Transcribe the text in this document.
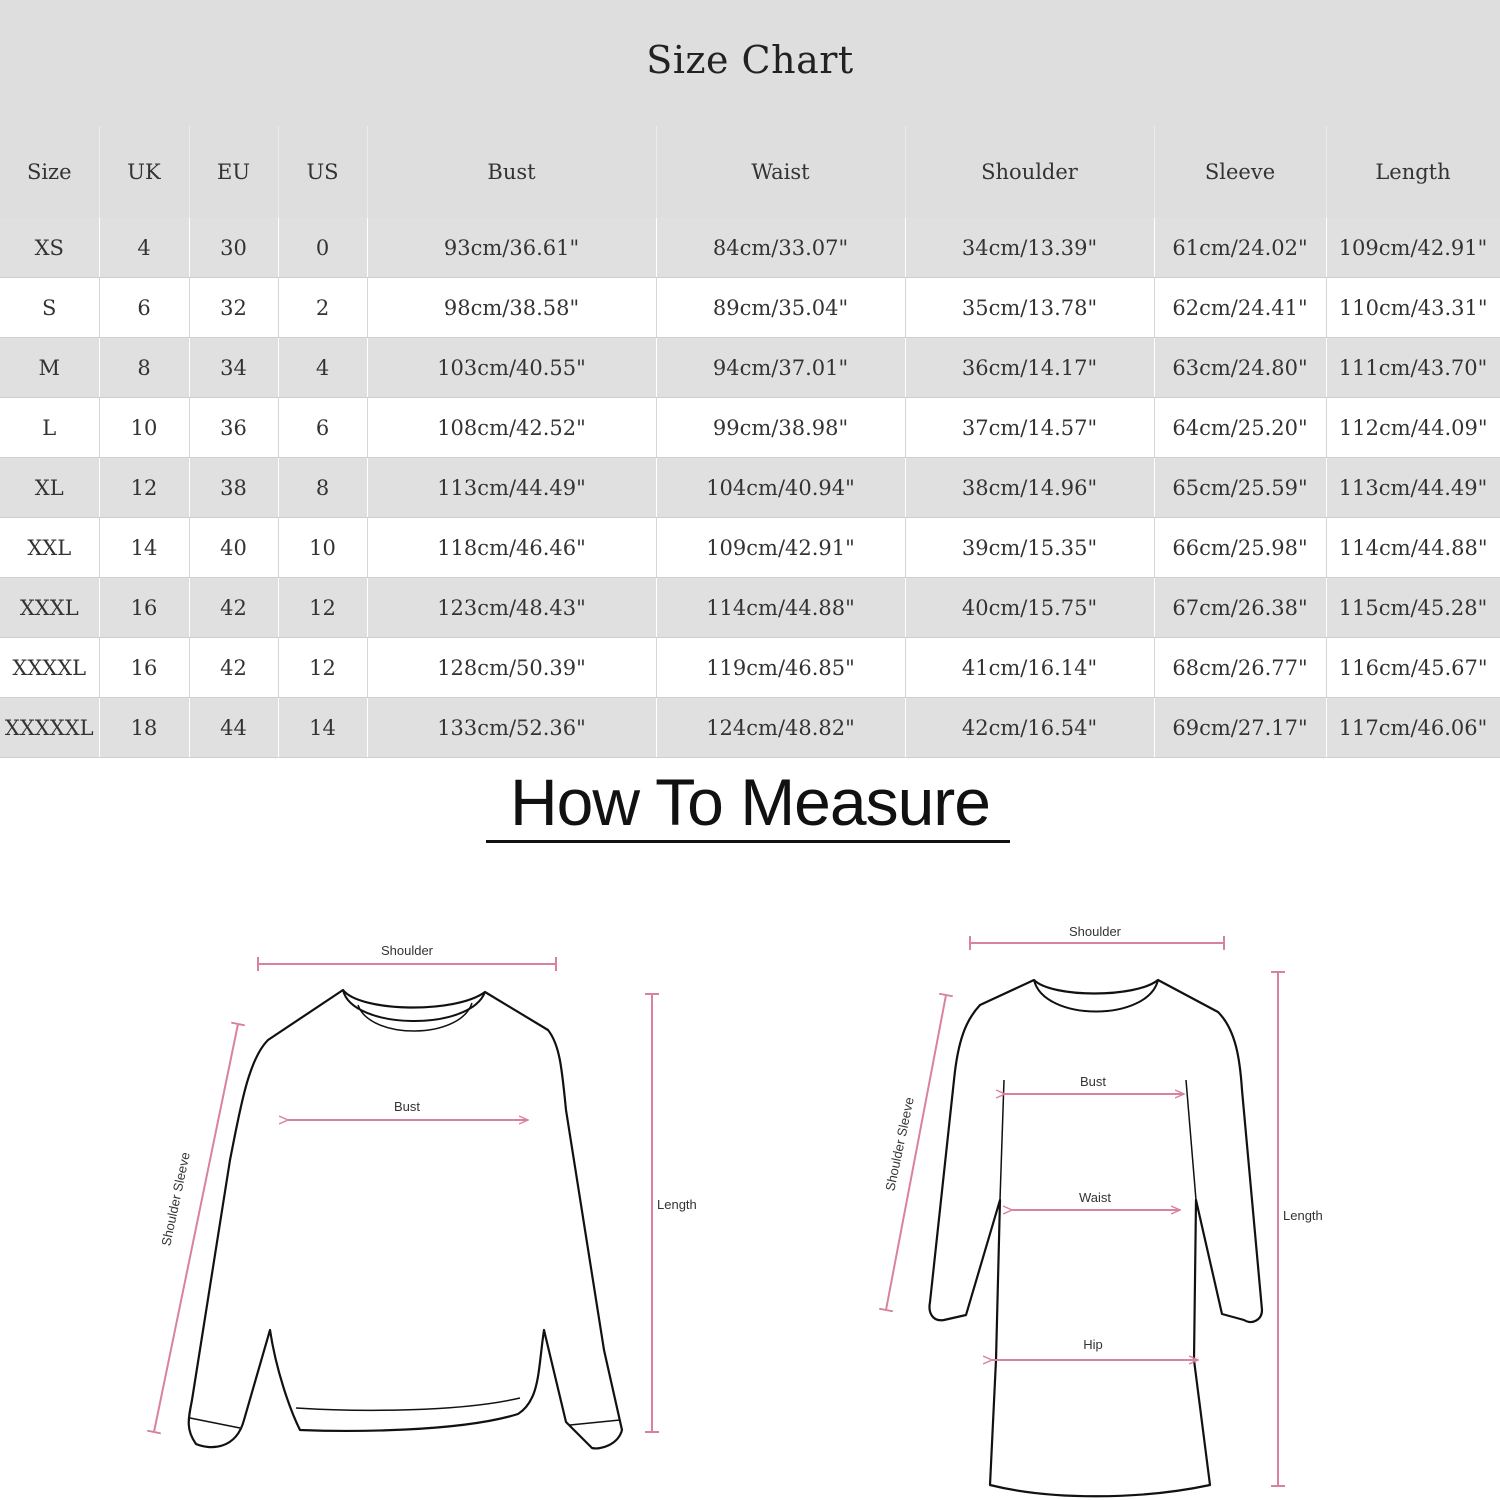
Size Chart
Size	UK	EU	US	Bust	Waist	Shoulder	Sleeve	Length
XS	4	30	0	93cm/36.61"	84cm/33.07"	34cm/13.39"	61cm/24.02"	109cm/42.91"
S	6	32	2	98cm/38.58"	89cm/35.04"	35cm/13.78"	62cm/24.41"	110cm/43.31"
M	8	34	4	103cm/40.55"	94cm/37.01"	36cm/14.17"	63cm/24.80"	111cm/43.70"
L	10	36	6	108cm/42.52"	99cm/38.98"	37cm/14.57"	64cm/25.20"	112cm/44.09"
XL	12	38	8	113cm/44.49"	104cm/40.94"	38cm/14.96"	65cm/25.59"	113cm/44.49"
XXL	14	40	10	118cm/46.46"	109cm/42.91"	39cm/15.35"	66cm/25.98"	114cm/44.88"
XXXL	16	42	12	123cm/48.43"	114cm/44.88"	40cm/15.75"	67cm/26.38"	115cm/45.28"
XXXXL	16	42	12	128cm/50.39"	119cm/46.85"	41cm/16.14"	68cm/26.77"	116cm/45.67"
XXXXXL	18	44	14	133cm/52.36"	124cm/48.82"	42cm/16.54"	69cm/27.17"	117cm/46.06"
How To Measure
Shoulder
Bust
Shoulder Sleeve	Length
Shoulder
Bust
Waist
Hip
Shoulder Sleeve
Length
